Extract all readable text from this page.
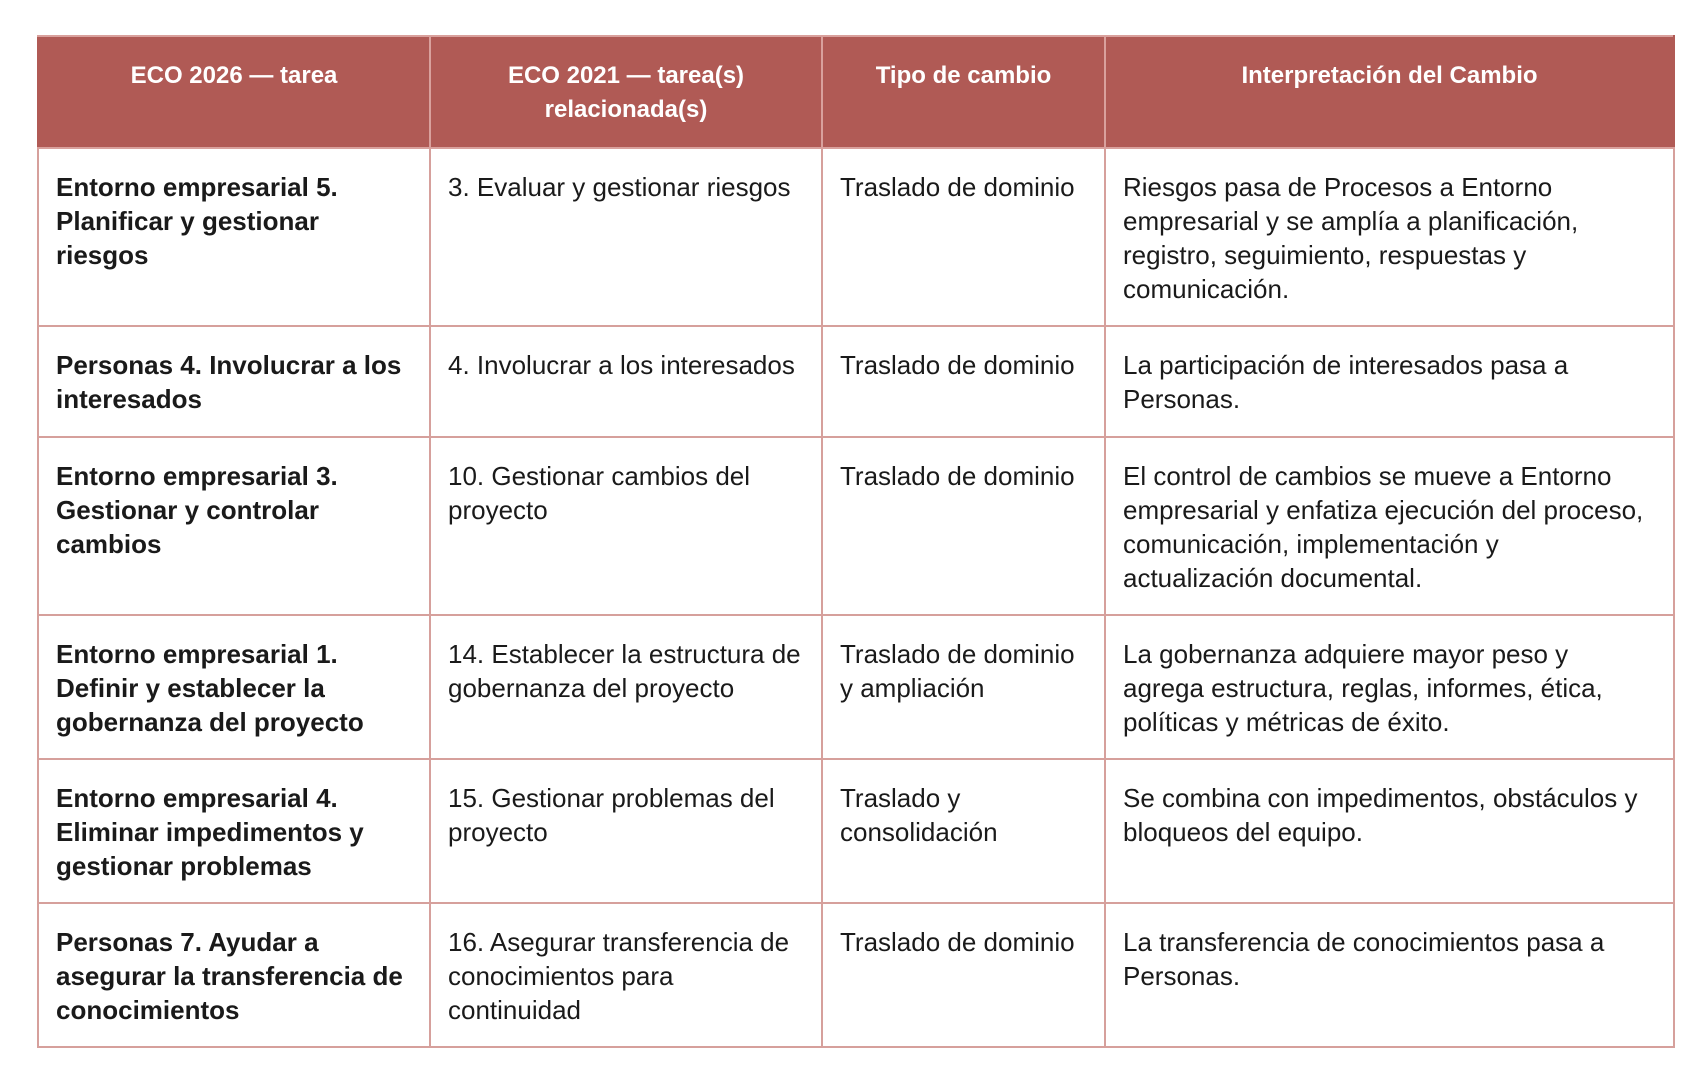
ECO 2026 — tarea	ECO 2021 — tarea(s) relacionada(s)	Tipo de cambio	Interpretación del Cambio
Entorno empresarial 5. Planificar y gestionar riesgos	3. Evaluar y gestionar riesgos	Traslado de dominio	Riesgos pasa de Procesos a Entorno empresarial y se amplía a planificación, registro, seguimiento, respuestas y comunicación.
Personas 4. Involucrar a los interesados	4. Involucrar a los interesados	Traslado de dominio	La participación de interesados pasa a Personas.
Entorno empresarial 3. Gestionar y controlar cambios	10. Gestionar cambios del proyecto	Traslado de dominio	El control de cambios se mueve a Entorno empresarial y enfatiza ejecución del proceso, comunicación, implementación y actualización documental.
Entorno empresarial 1. Definir y establecer la gobernanza del proyecto	14. Establecer la estructura de gobernanza del proyecto	Traslado de dominio y ampliación	La gobernanza adquiere mayor peso y agrega estructura, reglas, informes, ética, políticas y métricas de éxito.
Entorno empresarial 4. Eliminar impedimentos y gestionar problemas	15. Gestionar problemas del proyecto	Traslado y consolidación	Se combina con impedimentos, obstáculos y bloqueos del equipo.
Personas 7. Ayudar a asegurar la transferencia de conocimientos	16. Asegurar transferencia de conocimientos para continuidad	Traslado de dominio	La transferencia de conocimientos pasa a Personas.
